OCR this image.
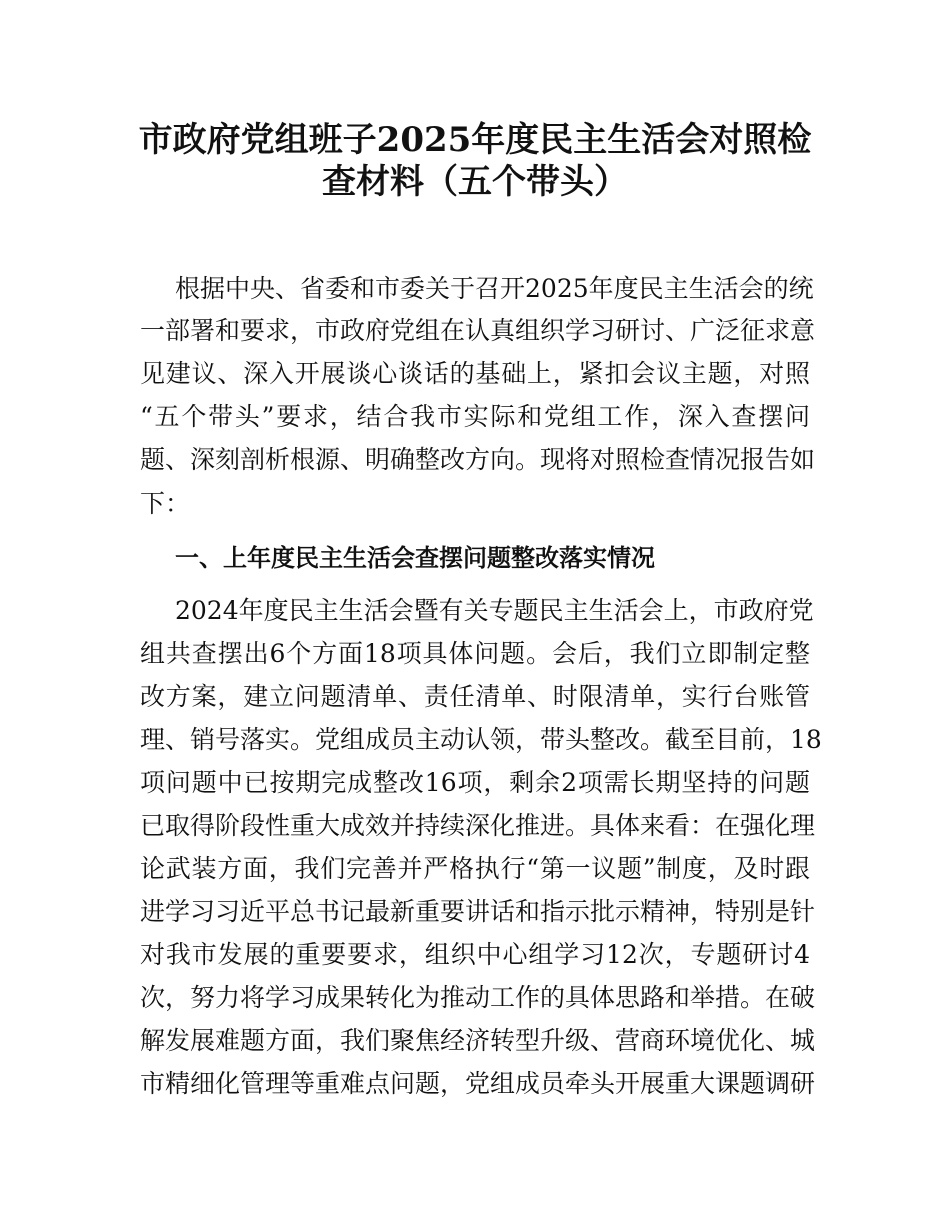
市政府党组班子2025年度民主生活会对照检
查材料（五个带头）
根据中央、省委和市委关于召开2025年度民主生活会的统
一部署和要求，市政府党组在认真组织学习研讨、广泛征求意
见建议、深入开展谈心谈话的基础上，紧扣会议主题，对照
“五个带头”要求，结合我市实际和党组工作，深入查摆问
题、深刻剖析根源、明确整改方向。现将对照检查情况报告如
下：
一、上年度民主生活会查摆问题整改落实情况
2024年度民主生活会暨有关专题民主生活会上，市政府党
组共查摆出6个方面18项具体问题。会后，我们立即制定整
改方案，建立问题清单、责任清单、时限清单，实行台账管
理、销号落实。党组成员主动认领，带头整改。截至目前，18
项问题中已按期完成整改16项，剩余2项需长期坚持的问题
已取得阶段性重大成效并持续深化推进。具体来看：在强化理
论武装方面，我们完善并严格执行“第一议题”制度，及时跟
进学习习近平总书记最新重要讲话和指示批示精神，特别是针
对我市发展的重要要求，组织中心组学习12次，专题研讨4
次，努力将学习成果转化为推动工作的具体思路和举措。在破
解发展难题方面，我们聚焦经济转型升级、营商环境优化、城
市精细化管理等重难点问题，党组成员牵头开展重大课题调研
